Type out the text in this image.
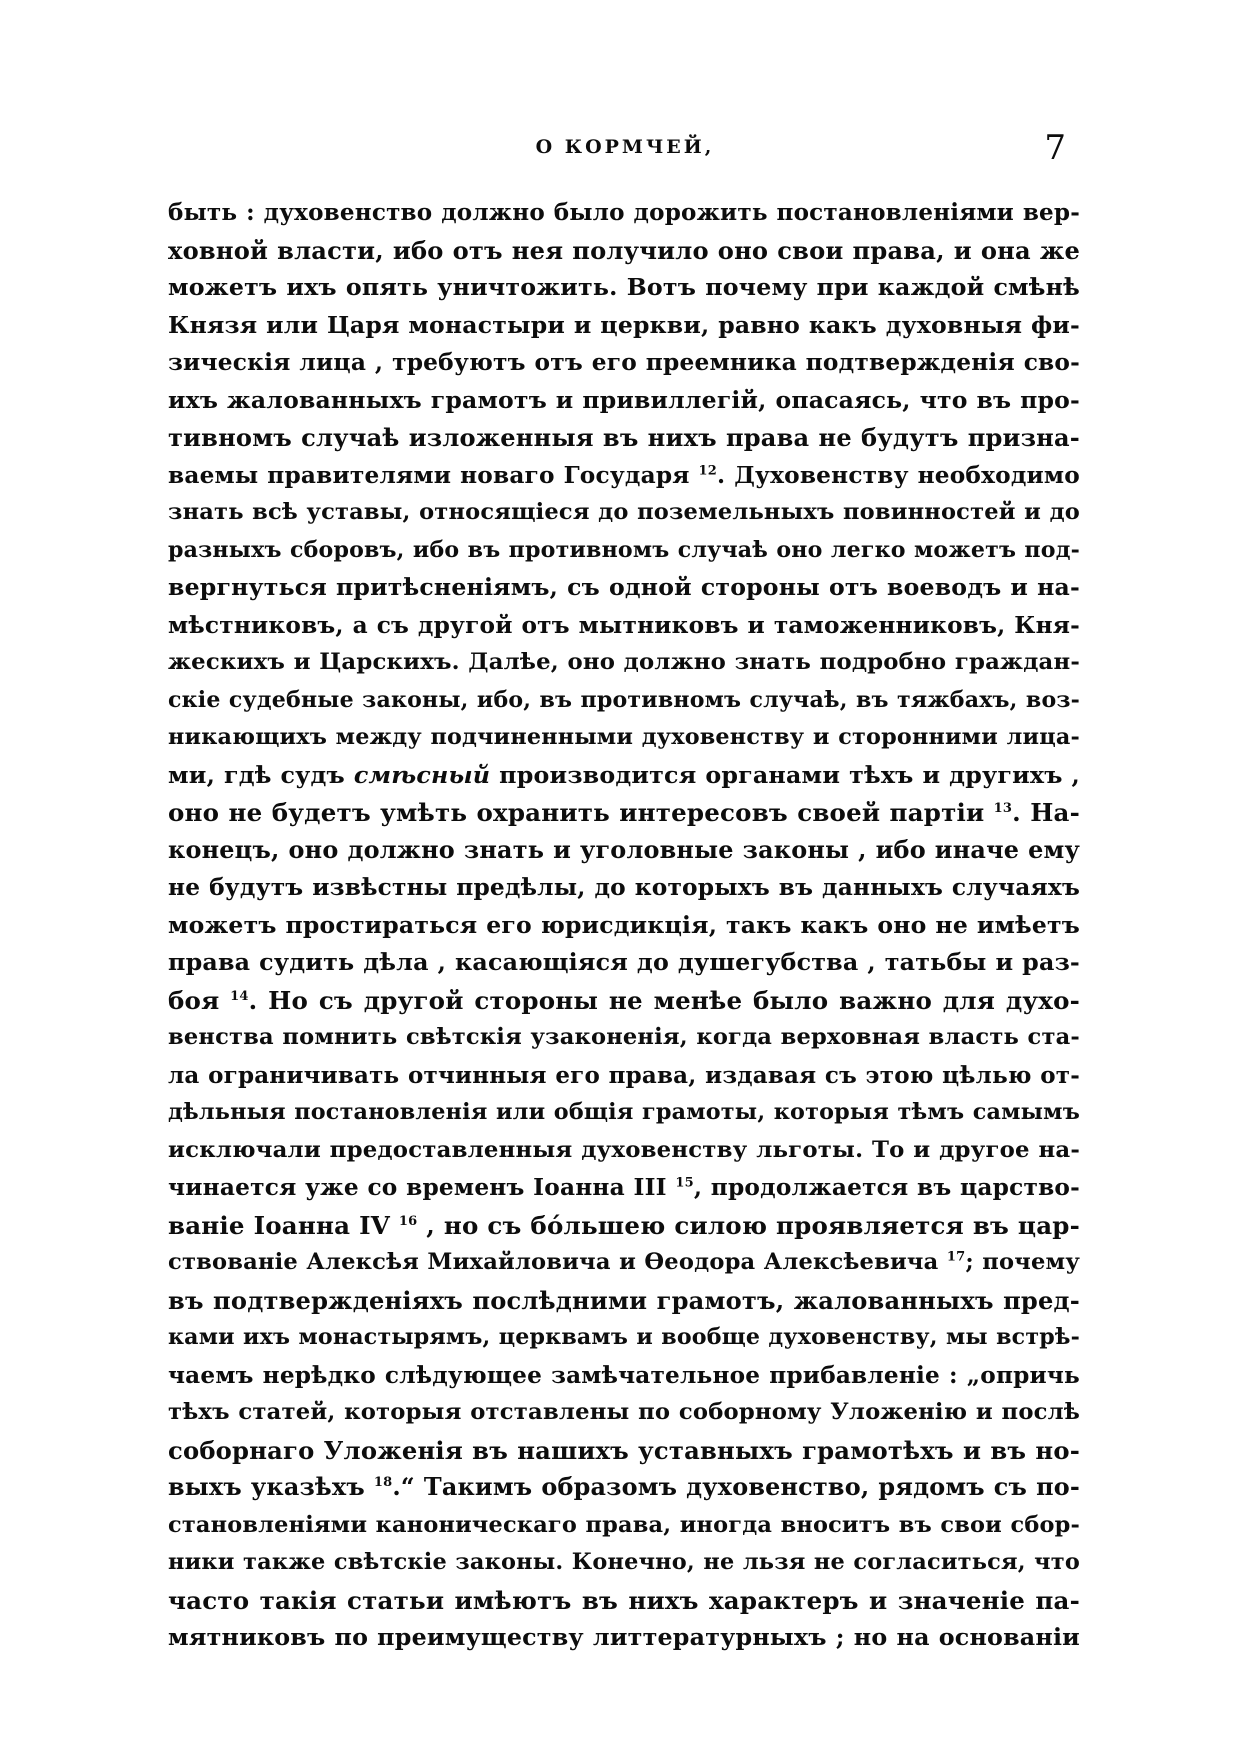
О КОРМЧЕЙ,	7
быть : духовенство должно было дорожить постановленіями вер-
ховной власти, ибо отъ нея получило оно свои права, и она же
можетъ ихъ опять уничтожить. Вотъ почему при каждой смѣнѣ
Князя или Царя монастыри и церкви, равно какъ духовныя фи-
зическія лица , требуютъ отъ его преемника подтвержденія сво-
ихъ жалованныхъ грамотъ и привиллегій, опасаясь, что въ про-
тивномъ случаѣ изложенныя въ нихъ права не будутъ призна-
ваемы правителями новаго Государя $^{12}$. Духовенству необходимо
знать всѣ уставы, относящіеся до поземельныхъ повинностей и до
разныхъ сборовъ, ибо въ противномъ случаѣ оно легко можетъ под-
вергнуться притѣсненіямъ, съ одной стороны отъ воеводъ и на-
мѣстниковъ, а съ другой отъ мытниковъ и таможенниковъ, Кня-
жескихъ и Царскихъ. Далѣе, оно должно знать подробно граждан-
скіе судебные законы, ибо, въ противномъ случаѣ, въ тяжбахъ, воз-
никающихъ между подчиненными духовенству и сторонними лица-
ми, гдѣ судъ смѣсный производится органами тѣхъ и другихъ ,
оно не будетъ умѣть охранить интересовъ своей партіи $^{13}$. На-
конецъ, оно должно знать и уголовные законы , ибо иначе ему
не будутъ извѣстны предѣлы, до которыхъ въ данныхъ случаяхъ
можетъ простираться его юрисдикція, такъ какъ оно не имѣетъ
права судить дѣла , касающіяся до душегубства , татьбы и раз-
боя $^{14}$. Но съ другой стороны не менѣе было важно для духо-
венства помнить свѣтскія узаконенія, когда верховная власть ста-
ла ограничивать отчинныя его права, издавая съ этою цѣлью от-
дѣльныя постановленія или общія грамоты, которыя тѣмъ самымъ
исключали предоставленныя духовенству льготы. То и другое на-
чинается уже со временъ Іоанна III $^{15}$, продолжается въ царство-
ваніе Іоанна IV $^{16}$ , но съ бо́льшею силою проявляется въ цар-
ствованіе Алексѣя Михайловича и Ѳеодора Алексѣевича $^{17}$; почему
въ подтвержденіяхъ послѣдними грамотъ, жалованныхъ пред-
ками ихъ монастырямъ, церквамъ и вообще духовенству, мы встрѣ-
чаемъ нерѣдко слѣдующее замѣчательное прибавленіе : „опричь
тѣхъ статей, которыя отставлены по соборному Уложенію и послѣ
соборнаго Уложенія въ нашихъ уставныхъ грамотѣхъ и въ но-
выхъ указѣхъ $^{18}$.“ Такимъ образомъ духовенство, рядомъ съ по-
становленіями каноническаго права, иногда вноситъ въ свои сбор-
ники также свѣтскіе законы. Конечно, не льзя не согласиться, что
часто такія статьи имѣютъ въ нихъ характеръ и значеніе па-
мятниковъ по преимуществу литтературныхъ ; но на основаніи
